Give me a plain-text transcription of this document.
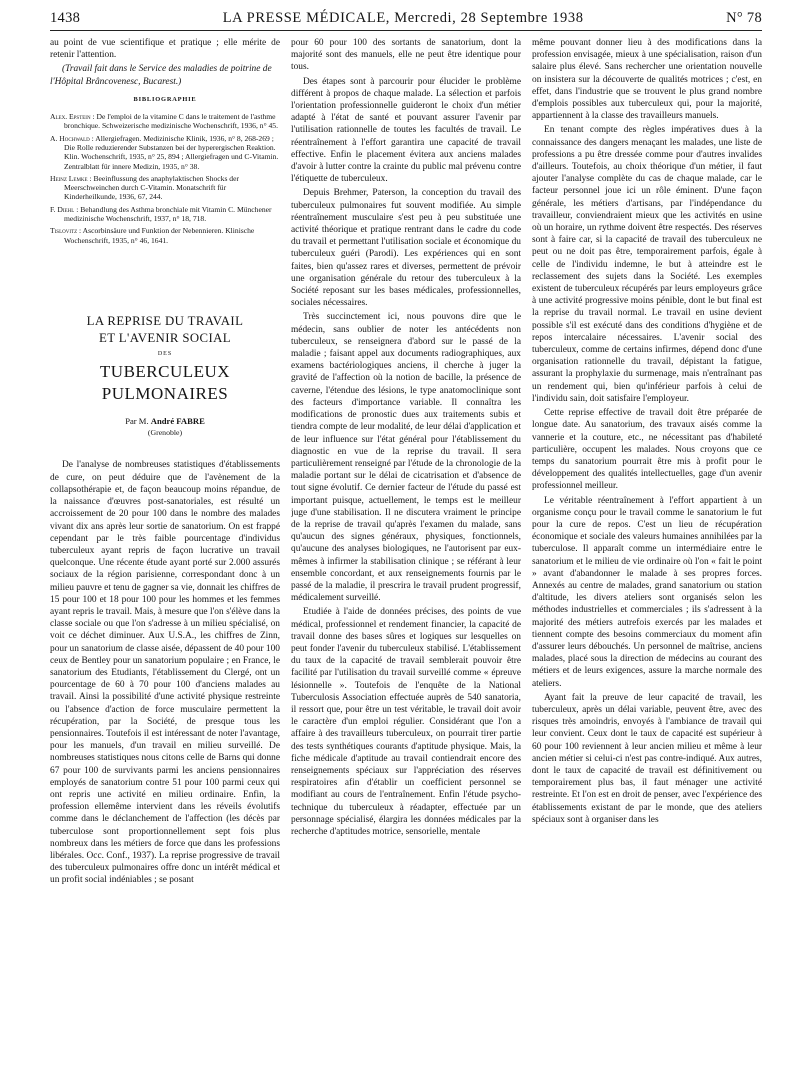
1438	LA PRESSE MÉDICALE, Mercredi, 28 Septembre 1938	N° 78

au point de vue scientifique et pratique ; elle mérite de retenir l'attention.

(Travail fait dans le Service des maladies de poitrine de l'Hôpital Brâncovenesc, Bucarest.)

BIBLIOGRAPHIE
Alex. Epstein : De l'emploi de la vitamine C dans le traitement de l'asthme bronchique. Schweizerische medizinische Wochenschrift, 1936, n° 45.
A. Hochwald : Allergiefragen. Medizinische Klinik, 1936, n° 8, 268-269 ; Die Rolle reduzierender Substanzen bei der hyperergischen Reaktion. Klin. Wochenschrift, 1935, n° 25, 894 ; Allergiefragen und C-Vitamin. Zentralblatt für innere Medizin, 1935, n° 38.
Heinz Lemke : Beeinflussung des anaphylaktischen Shocks der Meerschweinchen durch C-Vitamin. Monatschrift für Kinderheilkunde, 1936, 67, 244.
F. Diehl : Behandlung des Asthma bronchiale mit Vitamin C. Münchener medizinische Wochenschrift, 1937, n° 18, 718.
Tislovitz : Ascorbinsäure und Funktion der Nebennieren. Klinische Wochenschrift, 1935, n° 46, 1641.
LA REPRISE DU TRAVAIL
ET L'AVENIR SOCIAL
DES
TUBERCULEUX PULMONAIRES
Par M. André FABRE
(Grenoble)

De l'analyse de nombreuses statistiques d'établissements de cure, on peut déduire que de l'avènement de la collapsothérapie et, de façon beaucoup moins répandue, de la naissance d'œuvres post-sanatoriales, est résulté un accroissement de 20 pour 100 dans le nombre des malades vivant dix ans après leur sortie de sanatorium. On est frappé cependant par le très faible pourcentage d'individus tuberculeux ayant repris de façon lucrative un travail quelconque. Une récente étude ayant porté sur 2.000 assurés sociaux de la région parisienne, correspondant donc à un milieu pauvre et tenu de gagner sa vie, donnait les chiffres de 15 pour 100 et 18 pour 100 pour les hommes et les femmes ayant repris le travail. Mais, à mesure que l'on s'élève dans la classe sociale ou que l'on s'adresse à un milieu spécialisé, on voit ce déchet diminuer. Aux U.S.A., les chiffres de Zinn, pour un sanatorium de classe aisée, dépassent de 40 pour 100 ceux de Bentley pour un sanatorium populaire ; en France, le sanatorium des Etudiants, l'établissement du Clergé, ont un pourcentage de 60 à 70 pour 100 d'anciens malades au travail. Ainsi la possibilité d'une activité physique restreinte ou l'absence d'action de force musculaire permettent la récupération, par la Société, de presque tous les pensionnaires. Toutefois il est intéressant de noter l'avantage, pour les manuels, d'un travail en milieu surveillé. De nombreuses statistiques nous citons celle de Barns qui donne 67 pour 100 de survivants parmi les anciens pensionnaires employés de sanatorium contre 51 pour 100 parmi ceux qui ont repris une activité en milieu ordinaire. Enfin, la profession ellemême intervient dans les réveils évolutifs comme dans le déclanchement de l'affection (les décès par tuberculose sont proportionnellement sept fois plus nombreux dans les métiers de force que dans les professions libérales. Occ. Conf., 1937). La reprise progressive de travail des tuberculeux pulmonaires offre donc un intérêt médical et un profit social indéniables ; se posant

pour 60 pour 100 des sortants de sanatorium, dont la majorité sont des manuels, elle ne peut être identique pour tous.

Des étapes sont à parcourir pour élucider le problème différent à propos de chaque malade. La sélection et parfois l'orientation professionnelle guideront le choix d'un métier adapté à l'état de santé et pouvant assurer l'avenir par l'utilisation rationnelle de toutes les facultés de travail. Le réentraînement à l'effort garantira une capacité de travail effective. Enfin le placement évitera aux anciens malades d'avoir à lutter contre la crainte du public mal prévenu contre l'étiquette de tuberculeux.

Depuis Brehmer, Paterson, la conception du travail des tuberculeux pulmonaires fut souvent modifiée. Au simple réentraînement musculaire s'est peu à peu substituée une activité théorique et pratique rentrant dans le cadre du code du travail et permettant l'utilisation sociale et économique du tuberculeux guéri (Parodi). Les expériences qui en sont faites, bien qu'assez rares et diverses, permettent de prévoir une organisation générale du retour des tuberculeux à la Société reposant sur les bases médicales, professionnelles, sociales nécessaires.

Très succinctement ici, nous pouvons dire que le médecin, sans oublier de noter les antécédents non tuberculeux, se renseignera d'abord sur le passé de la maladie ; faisant appel aux documents radiographiques, aux examens bactériologiques anciens, il cherche à juger la gravité de l'affection où la notion de bacille, la présence de caverne, l'étendue des lésions, le type anatomoclinique sont des facteurs d'importance variable. Il connaîtra les modifications de pronostic dues aux traitements subis et tiendra compte de leur modalité, de leur délai d'application et de leur influence sur l'état général pour l'établissement du diagnostic en vue de la reprise du travail. Il sera particulièrement renseigné par l'étude de la chronologie de la maladie portant sur le délai de cicatrisation et d'absence de tout signe évolutif. Ce dernier facteur de l'étude du passé est important puisque, actuellement, le temps est le meilleur juge d'une stabilisation. Il ne discutera vraiment le principe de la reprise de travail qu'après l'examen du malade, sans qu'aucun des signes généraux, physiques, fonctionnels, qu'aucune des analyses biologiques, ne l'autorisent par eux-mêmes à infirmer la stabilisation clinique ; se référant à leur ensemble concordant, et aux renseignements fournis par le passé de la maladie, il prescrira le travail prudent progressif, médicalement surveillé.

Etudiée à l'aide de données précises, des points de vue médical, professionnel et rendement financier, la capacité de travail donne des bases sûres et logiques sur lesquelles on peut fonder l'avenir du tuberculeux stabilisé. L'établissement du taux de la capacité de travail semblerait pouvoir être facilité par l'utilisation du travail surveillé comme « épreuve lésionnelle ». Toutefois de l'enquête de la National Tuberculosis Association effectuée auprès de 540 sanatoria, il ressort que, pour être un test véritable, le travail doit avoir le caractère d'un emploi régulier. Considérant que l'on a affaire à des travailleurs tuberculeux, on pourrait tirer partie des tests synthétiques courants d'aptitude physique. Mais, la fiche médicale d'aptitude au travail contiendrait encore des renseignements spéciaux sur l'appréciation des réserves respiratoires afin d'établir un coefficient personnel se modifiant au cours de l'entraînement. Enfin l'étude psycho-technique du tuberculeux à réadapter, effectuée par un personnage spécialisé, élargira les données médicales par la recherche d'aptitudes motrice, sensorielle, mentale

même pouvant donner lieu à des modifications dans la profession envisagée, mieux à une spécialisation, raison d'un salaire plus élevé. Sans rechercher une orientation nouvelle on insistera sur la découverte de qualités motrices ; c'est, en effet, dans l'industrie que se trouvent le plus grand nombre d'emplois possibles aux tuberculeux qui, pour la majorité, appartiennent à la classe des travailleurs manuels.

En tenant compte des règles impératives dues à la connaissance des dangers menaçant les malades, une liste de professions a pu être dressée comme pour d'autres invalides d'ailleurs. Toutefois, au choix théorique d'un métier, il faut ajouter l'analyse complète du cas de chaque malade, car le facteur personnel joue ici un rôle éminent. D'une façon générale, les métiers d'artisans, par l'indépendance du travailleur, conviendraient mieux que les activités en usine où un horaire, un rythme doivent être respectés. Des réserves sont à faire car, si la capacité de travail des tuberculeux ne peut ou ne doit pas être, temporairement parfois, égale à celle de l'individu indemne, le but à atteindre est le reclassement des sujets dans la Société. Les exemples existent de tuberculeux récupérés par leurs employeurs grâce à une activité progressive moins pénible, dont le but final est la reprise du travail normal. Le travail en usine devient possible s'il est exécuté dans des conditions d'hygiène et de repos intercalaire nécessaires. L'avenir social des tuberculeux, comme de certains infirmes, dépend donc d'une organisation rationnelle du travail, dépistant la fatigue, assurant la prophylaxie du surmenage, mais n'entraînant pas un rendement qui, bien qu'inférieur parfois à celui de l'individu sain, doit satisfaire l'employeur.

Cette reprise effective de travail doit être préparée de longue date. Au sanatorium, des travaux aisés comme la vannerie et la couture, etc., ne nécessitant pas d'habileté particulière, occupent les malades. Nous croyons que ce temps du sanatorium pourrait être mis à profit pour le développement des qualités intellectuelles, gage d'un avenir professionnel meilleur.

Le véritable réentraînement à l'effort appartient à un organisme conçu pour le travail comme le sanatorium le fut pour la cure de repos. C'est un lieu de récupération économique et sociale des valeurs humaines annihilées par la tuberculose. Il apparaît comme un intermédiaire entre le sanatorium et le milieu de vie ordinaire où l'on « fait le point » avant d'abandonner le malade à ses propres forces. Annexés au centre de malades, grand sanatorium ou station d'altitude, les divers ateliers sont organisés selon les méthodes industrielles et commerciales ; ils s'adressent à la majorité des métiers autrefois exercés par les malades et tiennent compte des besoins commerciaux du moment afin d'assurer leurs débouchés. Un personnel de maîtrise, anciens malades, placé sous la direction de médecins au courant des métiers et de leurs exigences, assure la marche normale des ateliers.

Ayant fait la preuve de leur capacité de travail, les tuberculeux, après un délai variable, peuvent être, avec des risques très amoindris, envoyés à l'ambiance de travail qui leur convient. Ceux dont le taux de capacité est supérieur à 60 pour 100 reviennent à leur ancien milieu et même à leur ancien métier si celui-ci n'est pas contre-indiqué. Aux autres, dont le taux de capacité de travail est définitivement ou temporairement plus bas, il faut ménager une activité restreinte. Et l'on est en droit de penser, avec l'expérience des établissements existant de par le monde, que des ateliers spéciaux sont à organiser dans les
